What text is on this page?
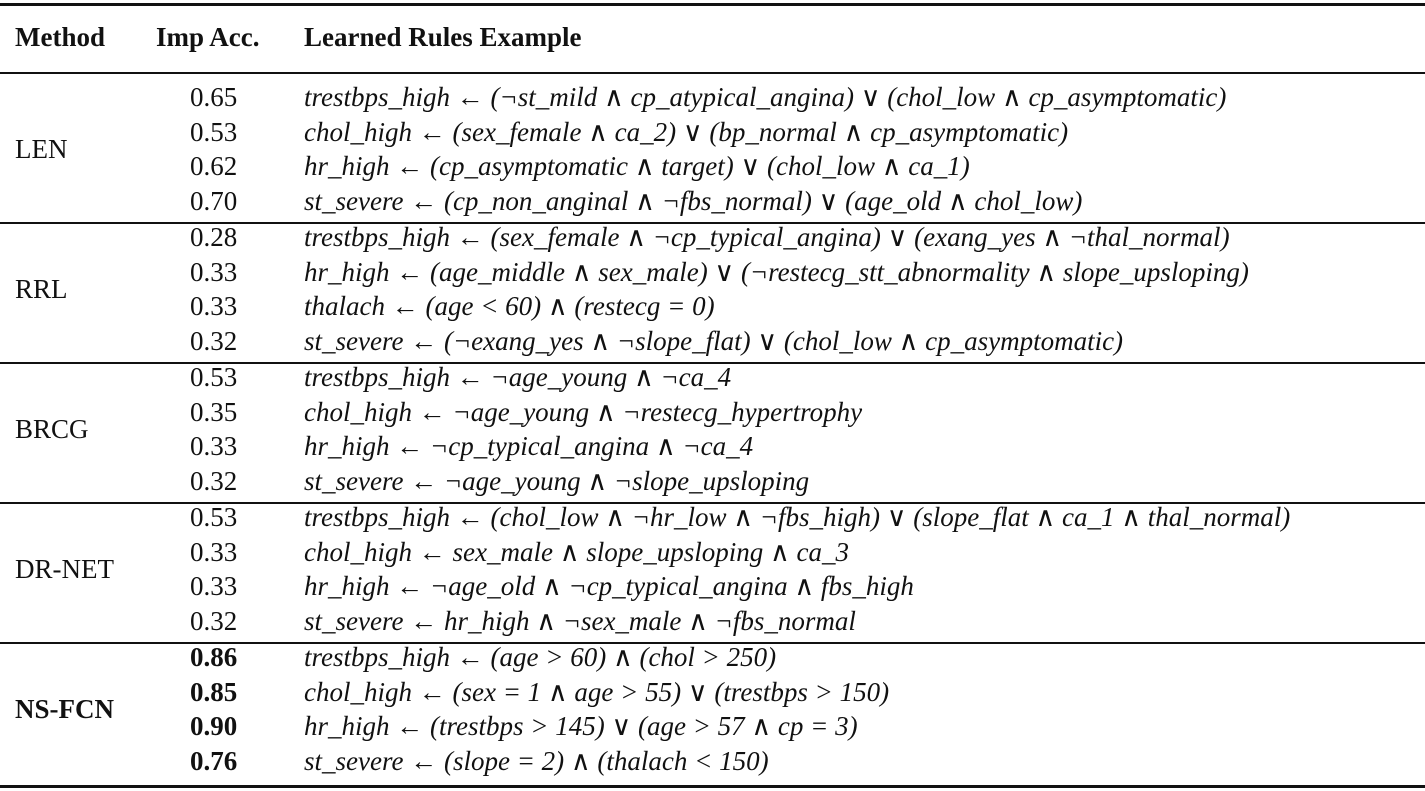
Method Imp Acc. Learned Rules Example
LEN
0.65 trestbps_high ← (¬st_mild ∧ cp_atypical_angina) ∨ (chol_low ∧ cp_asymptomatic)
0.53 chol_high ← (sex_female ∧ ca_2) ∨ (bp_normal ∧ cp_asymptomatic)
0.62 hr_high ← (cp_asymptomatic ∧ target) ∨ (chol_low ∧ ca_1)
0.70 st_severe ← (cp_non_anginal ∧ ¬fbs_normal) ∨ (age_old ∧ chol_low)
RRL
0.28 trestbps_high ← (sex_female ∧ ¬cp_typical_angina) ∨ (exang_yes ∧ ¬thal_normal)
0.33 hr_high ← (age_middle ∧ sex_male) ∨ (¬restecg_stt_abnormality ∧ slope_upsloping)
0.33 thalach ← (age < 60) ∧ (restecg = 0)
0.32 st_severe ← (¬exang_yes ∧ ¬slope_flat) ∨ (chol_low ∧ cp_asymptomatic)
BRCG
0.53 trestbps_high ← ¬age_young ∧ ¬ca_4
0.35 chol_high ← ¬age_young ∧ ¬restecg_hypertrophy
0.33 hr_high ← ¬cp_typical_angina ∧ ¬ca_4
0.32 st_severe ← ¬age_young ∧ ¬slope_upsloping
DR-NET
0.53 trestbps_high ← (chol_low ∧ ¬hr_low ∧ ¬fbs_high) ∨ (slope_flat ∧ ca_1 ∧ thal_normal)
0.33 chol_high ← sex_male ∧ slope_upsloping ∧ ca_3
0.33 hr_high ← ¬age_old ∧ ¬cp_typical_angina ∧ fbs_high
0.32 st_severe ← hr_high ∧ ¬sex_male ∧ ¬fbs_normal
NS-FCN
0.86 trestbps_high ← (age > 60) ∧ (chol > 250)
0.85 chol_high ← (sex = 1 ∧ age > 55) ∨ (trestbps > 150)
0.90 hr_high ← (trestbps > 145) ∨ (age > 57 ∧ cp = 3)
0.76 st_severe ← (slope = 2) ∧ (thalach < 150)
